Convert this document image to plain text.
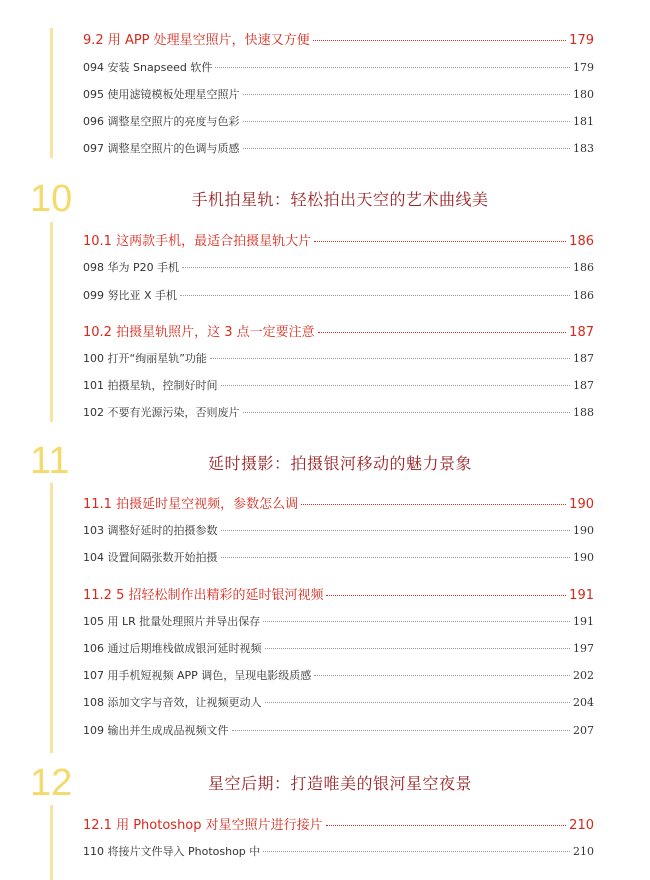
9.2 用 APP 处理星空照片，快速又方便	179
094 安装 Snapseed 软件	179
095 使用滤镜模板处理星空照片	180
096 调整星空照片的亮度与色彩	181
097 调整星空照片的色调与质感	183
10	手机拍星轨：轻松拍出天空的艺术曲线美
10.1 这两款手机，最适合拍摄星轨大片	186
098 华为 P20 手机	186
099 努比亚 X 手机	186
10.2 拍摄星轨照片，这 3 点一定要注意	187
100 打开“绚丽星轨”功能	187
101 拍摄星轨，控制好时间	187
102 不要有光源污染，否则废片	188
11	延时摄影：拍摄银河移动的魅力景象
11.1 拍摄延时星空视频，参数怎么调	190
103 调整好延时的拍摄参数	190
104 设置间隔张数开始拍摄	190
11.2 5 招轻松制作出精彩的延时银河视频	191
105 用 LR 批量处理照片并导出保存	191
106 通过后期堆栈做成银河延时视频	197
107 用手机短视频 APP 调色，呈现电影级质感	202
108 添加文字与音效，让视频更动人	204
109 输出并生成成品视频文件	207
12	星空后期：打造唯美的银河星空夜景
12.1 用 Photoshop 对星空照片进行接片	210
110 将接片文件导入 Photoshop 中	210
